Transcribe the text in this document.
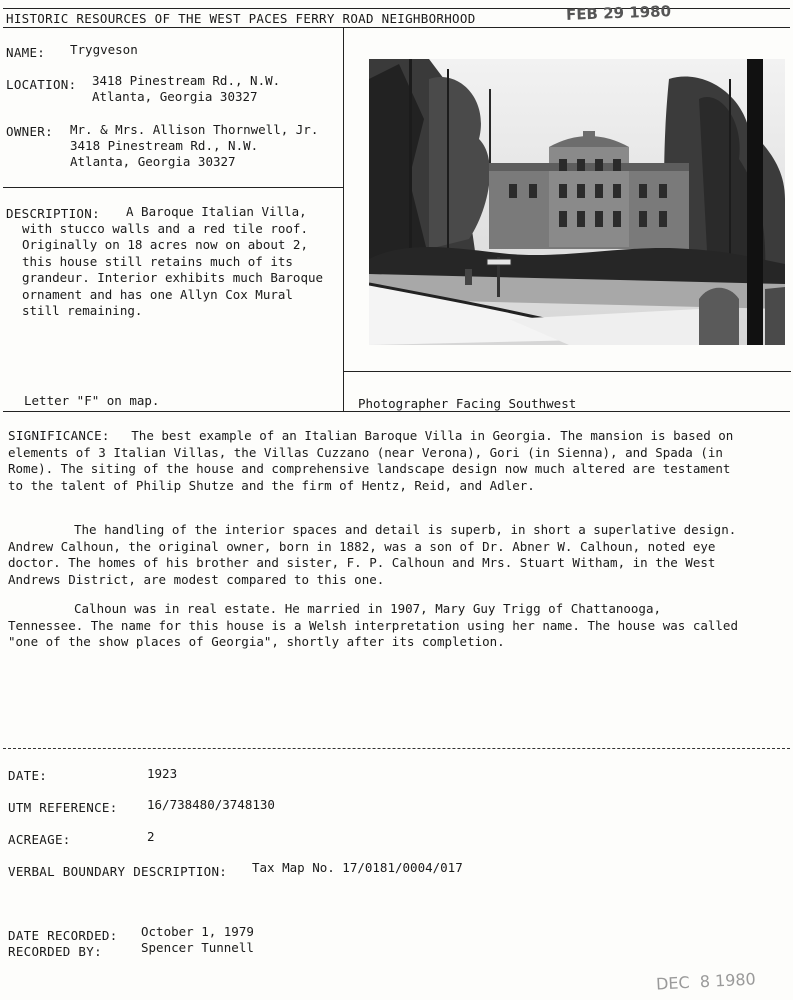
HISTORIC RESOURCES OF THE WEST PACES FERRY ROAD NEIGHBORHOOD	FEB 29 1980
NAME: Trygveson
LOCATION: 3418 Pinestream Rd., N.W.
Atlanta, Georgia 30327
OWNER: Mr. & Mrs. Allison Thornwell, Jr.
3418 Pinestream Rd., N.W.
Atlanta, Georgia 30327
DESCRIPTION:	A Baroque Italian Villa, with stucco walls and a red tile roof. Originally on 18 acres now on about 2, this house still retains much of its grandeur. Interior exhibits much Baroque ornament and has one Allyn Cox Mural still remaining.
Letter "F" on map.	Photographer Facing Southwest
SIGNIFICANCE: The best example of an Italian Baroque Villa in Georgia. The mansion is based on elements of 3 Italian Villas, the Villas Cuzzano (near Verona), Gori (in Sienna), and Spada (in Rome). The siting of the house and comprehensive landscape design now much altered are testament to the talent of Philip Shutze and the firm of Hentz, Reid, and Adler.
The handling of the interior spaces and detail is superb, in short a superlative design. Andrew Calhoun, the original owner, born in 1882, was a son of Dr. Abner W. Calhoun, noted eye doctor. The homes of his brother and sister, F. P. Calhoun and Mrs. Stuart Witham, in the West Andrews District, are modest compared to this one.
Calhoun was in real estate. He married in 1907, Mary Guy Trigg of Chattanooga, Tennessee. The name for this house is a Welsh interpretation using her name. The house was called "one of the show places of Georgia", shortly after its completion.
DATE:	1923
UTM REFERENCE: 16/738480/3748130
ACREAGE:	2
VERBAL BOUNDARY DESCRIPTION: Tax Map No. 17/0181/0004/017
DATE RECORDED: October 1, 1979
RECORDED BY:	Spencer Tunnell
DEC  8 1980
